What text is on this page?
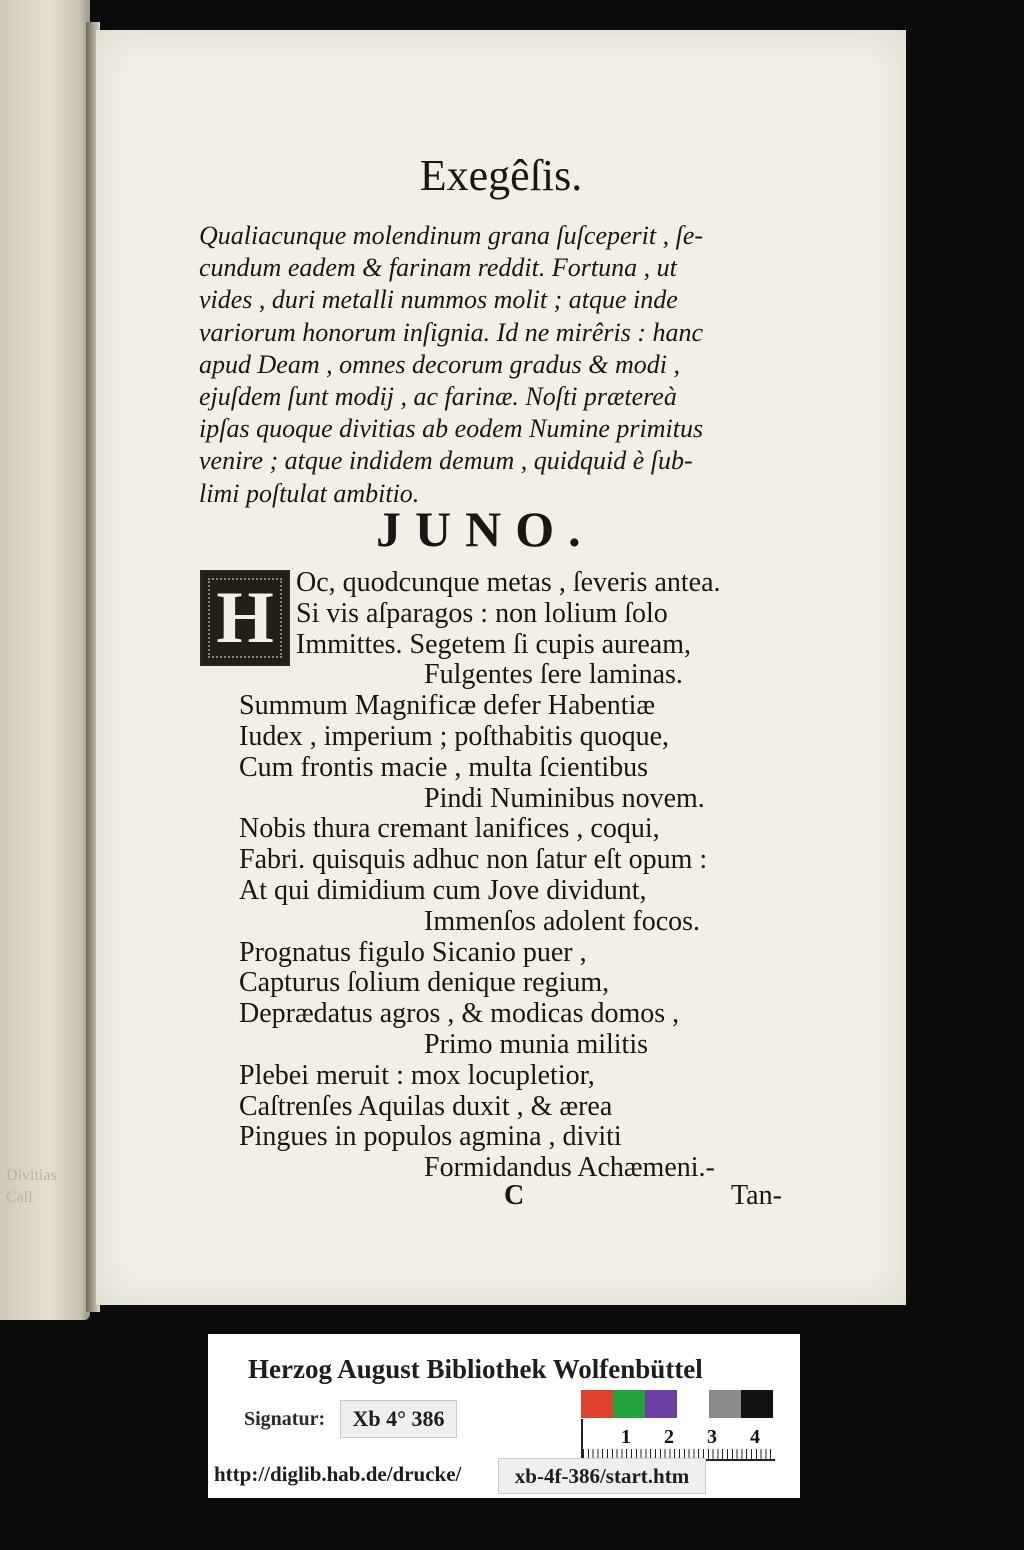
Divitias
Call
Exegêſis.
Qualiacunque molendinum grana ſuſceperit , ſe-
cundum eadem & farinam reddit. Fortuna , ut
vides , duri metalli nummos molit ; atque inde
variorum honorum inſignia. Id ne mirêris : hanc
apud Deam , omnes decorum gradus & modi ,
ejuſdem ſunt modij , ac farinæ. Noſti prætereà
ipſas quoque divitias ab eodem Numine primitus
venire ; atque indidem demum , quidquid è ſub-
limi poſtulat ambitio.
JUNO.
H Oc, quodcunque metas , ſeveris antea.
Si vis aſparagos : non lolium ſolo
Immittes. Segetem ſi cupis auream,
Fulgentes ſere laminas.
Summum Magnificæ defer Habentiæ
Iudex , imperium ; poſthabitis quoque,
Cum frontis macie , multa ſcientibus
Pindi Numinibus novem.
Nobis thura cremant lanifices , coqui,
Fabri. quisquis adhuc non ſatur eſt opum :
At qui dimidium cum Jove dividunt,
Immenſos adolent focos.
Prognatus figulo Sicanio puer ,
Capturus ſolium denique regium,
Deprædatus agros , & modicas domos ,
Primo munia militis
Plebei meruit : mox locupletior,
Caſtrenſes Aquilas duxit , & ærea
Pingues in populos agmina , diviti
Formidandus Achæmeni.-
C	Tan-
Herzog August Bibliothek Wolfenbüttel
Signatur:	Xb 4° 386
1 2 3 4
http://diglib.hab.de/drucke/	xb-4f-386/start.htm
